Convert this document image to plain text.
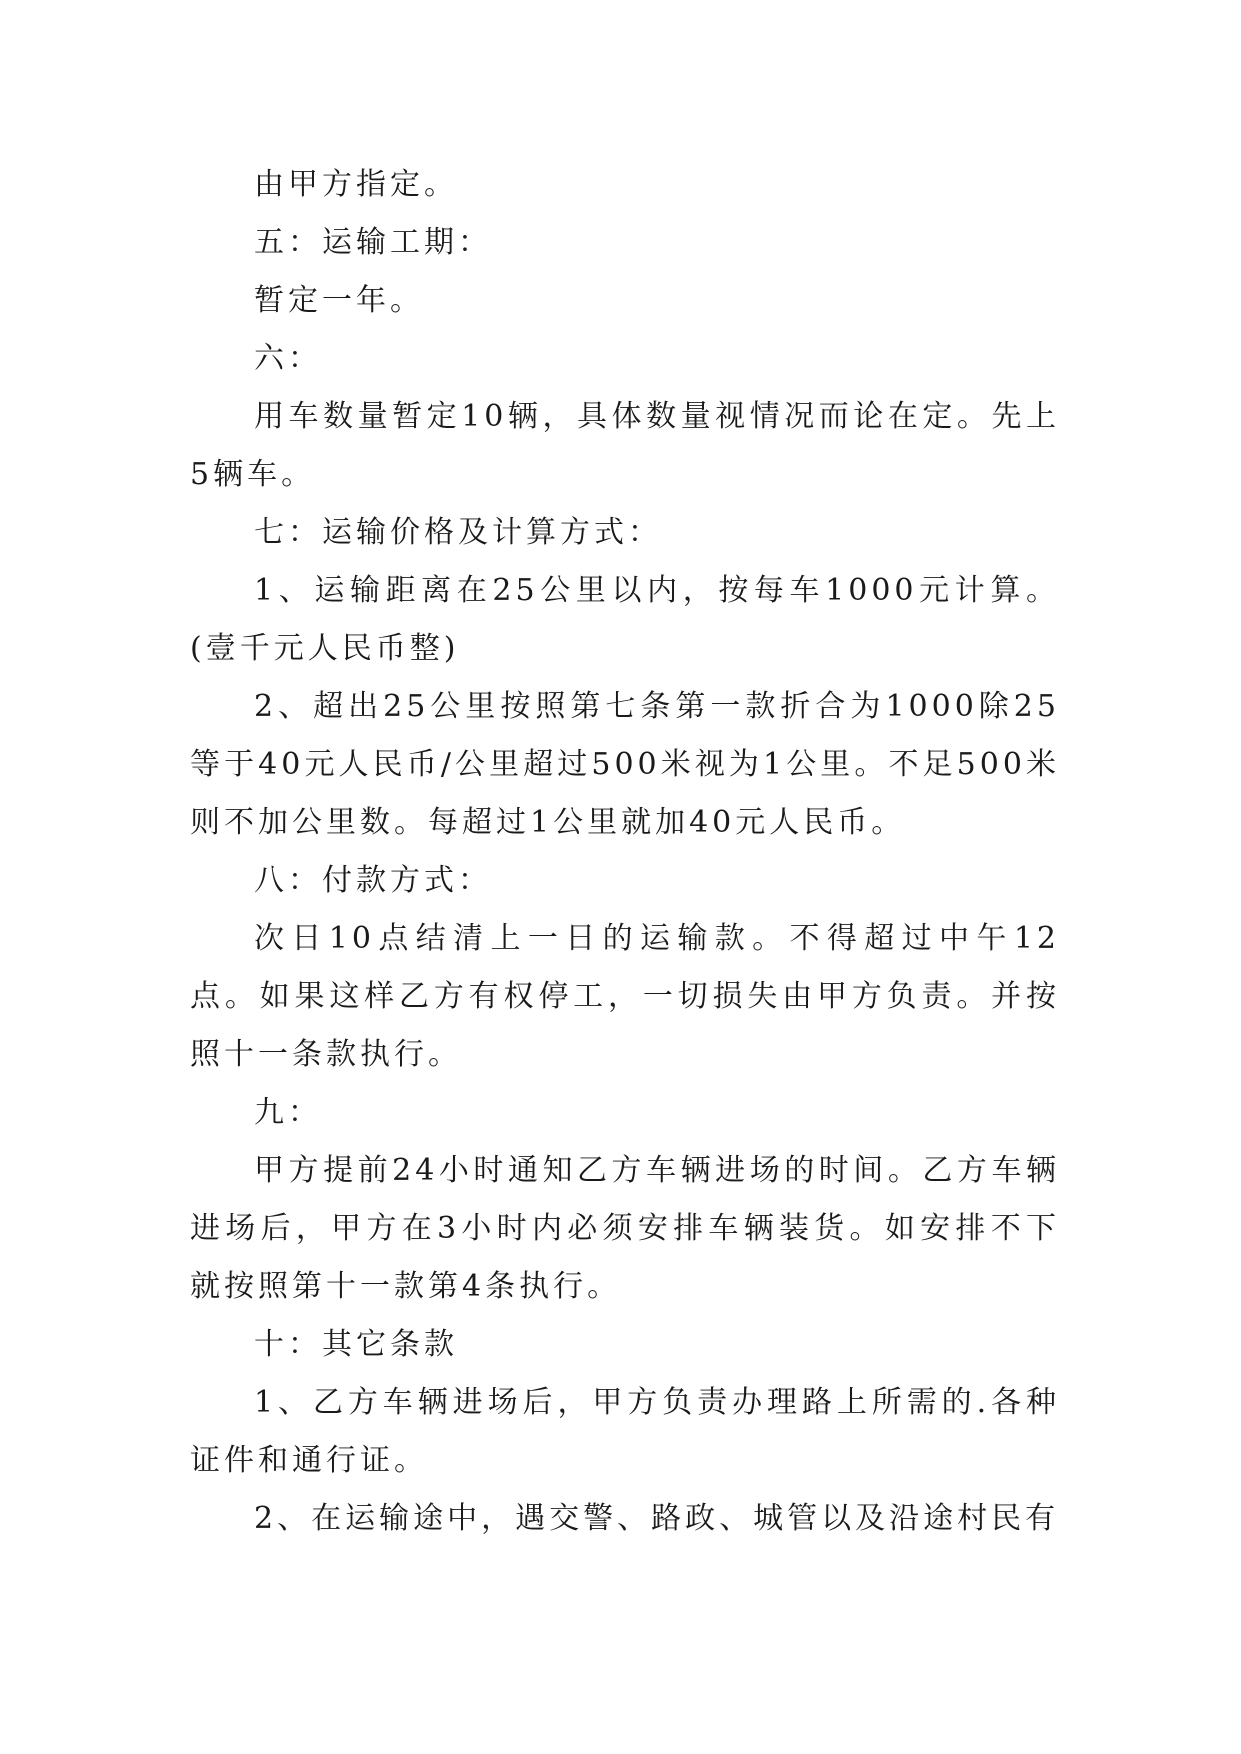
由甲方指定。

五：运输工期：

暂定一年。

六：

用车数量暂定10辆，具体数量视情况而论在定。先上5辆车。

七：运输价格及计算方式：

1、运输距离在25公里以内，按每车1000元计算。(壹千元人民币整)

2、超出25公里按照第七条第一款折合为1000除25等于40元人民币/公里超过500米视为1公里。不足500米则不加公里数。每超过1公里就加40元人民币。

八：付款方式：

次日10点结清上一日的运输款。不得超过中午12点。如果这样乙方有权停工，一切损失由甲方负责。并按照十一条款执行。

九：

甲方提前24小时通知乙方车辆进场的时间。乙方车辆进场后，甲方在3小时内必须安排车辆装货。如安排不下就按照第十一款第4条执行。

十：其它条款

1、乙方车辆进场后，甲方负责办理路上所需的.各种证件和通行证。

2、在运输途中，遇交警、路政、城管以及沿途村民有
